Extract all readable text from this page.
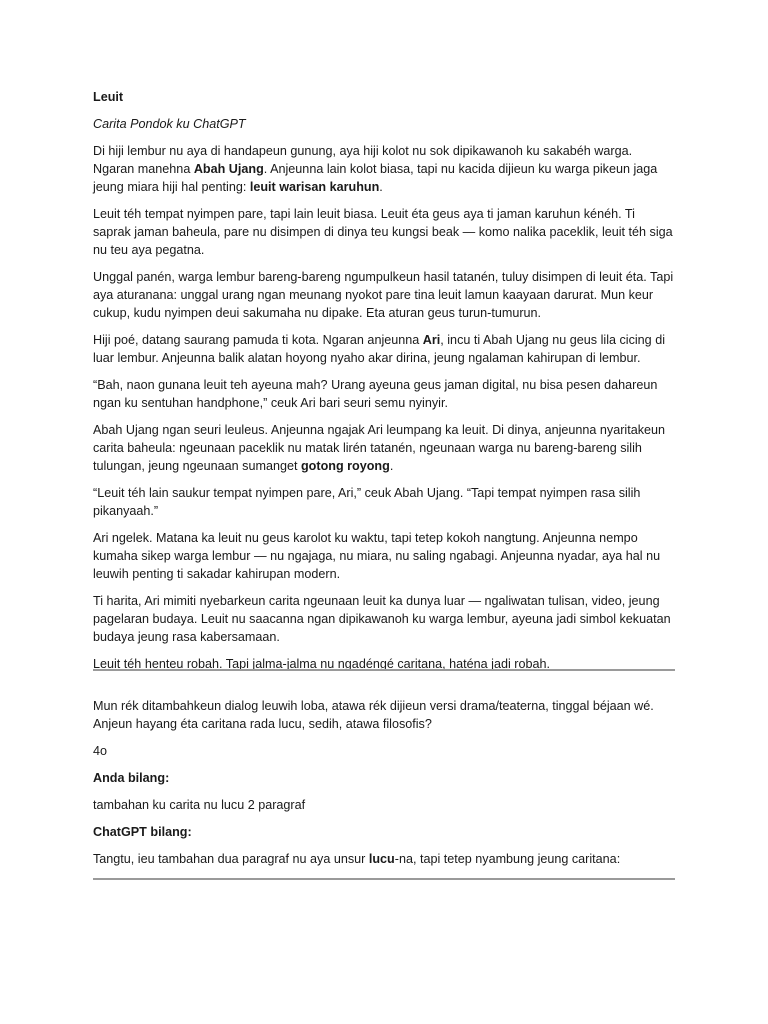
Leuit

Carita Pondok ku ChatGPT

Di hiji lembur nu aya di handapeun gunung, aya hiji kolot nu sok dipikawanoh ku sakabéh warga. Ngaran manehna Abah Ujang. Anjeunna lain kolot biasa, tapi nu kacida dijieun ku warga pikeun jaga jeung miara hiji hal penting: leuit warisan karuhun.

Leuit téh tempat nyimpen pare, tapi lain leuit biasa. Leuit éta geus aya ti jaman karuhun kénéh. Ti saprak jaman baheula, pare nu disimpen di dinya teu kungsi beak — komo nalika paceklik, leuit téh siga nu teu aya pegatna.

Unggal panén, warga lembur bareng-bareng ngumpulkeun hasil tatanén, tuluy disimpen di leuit éta. Tapi aya aturanana: unggal urang ngan meunang nyokot pare tina leuit lamun kaayaan darurat. Mun keur cukup, kudu nyimpen deui sakumaha nu dipake. Eta aturan geus turun-tumurun.

Hiji poé, datang saurang pamuda ti kota. Ngaran anjeunna Ari, incu ti Abah Ujang nu geus lila cicing di luar lembur. Anjeunna balik alatan hoyong nyaho akar dirina, jeung ngalaman kahirupan di lembur.

“Bah, naon gunana leuit teh ayeuna mah? Urang ayeuna geus jaman digital, nu bisa pesen dahareun ngan ku sentuhan handphone,” ceuk Ari bari seuri semu nyinyir.

Abah Ujang ngan seuri leuleus. Anjeunna ngajak Ari leumpang ka leuit. Di dinya, anjeunna nyaritakeun carita baheula: ngeunaan paceklik nu matak lirén tatanén, ngeunaan warga nu bareng-bareng silih tulungan, jeung ngeunaan sumanget gotong royong.

“Leuit téh lain saukur tempat nyimpen pare, Ari,” ceuk Abah Ujang. “Tapi tempat nyimpen rasa silih pikanyaah.”

Ari ngelek. Matana ka leuit nu geus karolot ku waktu, tapi tetep kokoh nangtung. Anjeunna nempo kumaha sikep warga lembur — nu ngajaga, nu miara, nu saling ngabagi. Anjeunna nyadar, aya hal nu leuwih penting ti sakadar kahirupan modern.

Ti harita, Ari mimiti nyebarkeun carita ngeunaan leuit ka dunya luar — ngaliwatan tulisan, video, jeung pagelaran budaya. Leuit nu saacanna ngan dipikawanoh ku warga lembur, ayeuna jadi simbol kekuatan budaya jeung rasa kabersamaan.

Leuit téh henteu robah. Tapi jalma-jalma nu ngadéngé caritana, haténa jadi robah.

Mun rék ditambahkeun dialog leuwih loba, atawa rék dijieun versi drama/teaterna, tinggal béjaan wé. Anjeun hayang éta caritana rada lucu, sedih, atawa filosofis?

4o

Anda bilang:

tambahan ku carita nu lucu 2 paragraf

ChatGPT bilang:

Tangtu, ieu tambahan dua paragraf nu aya unsur lucu-na, tapi tetep nyambung jeung caritana:
